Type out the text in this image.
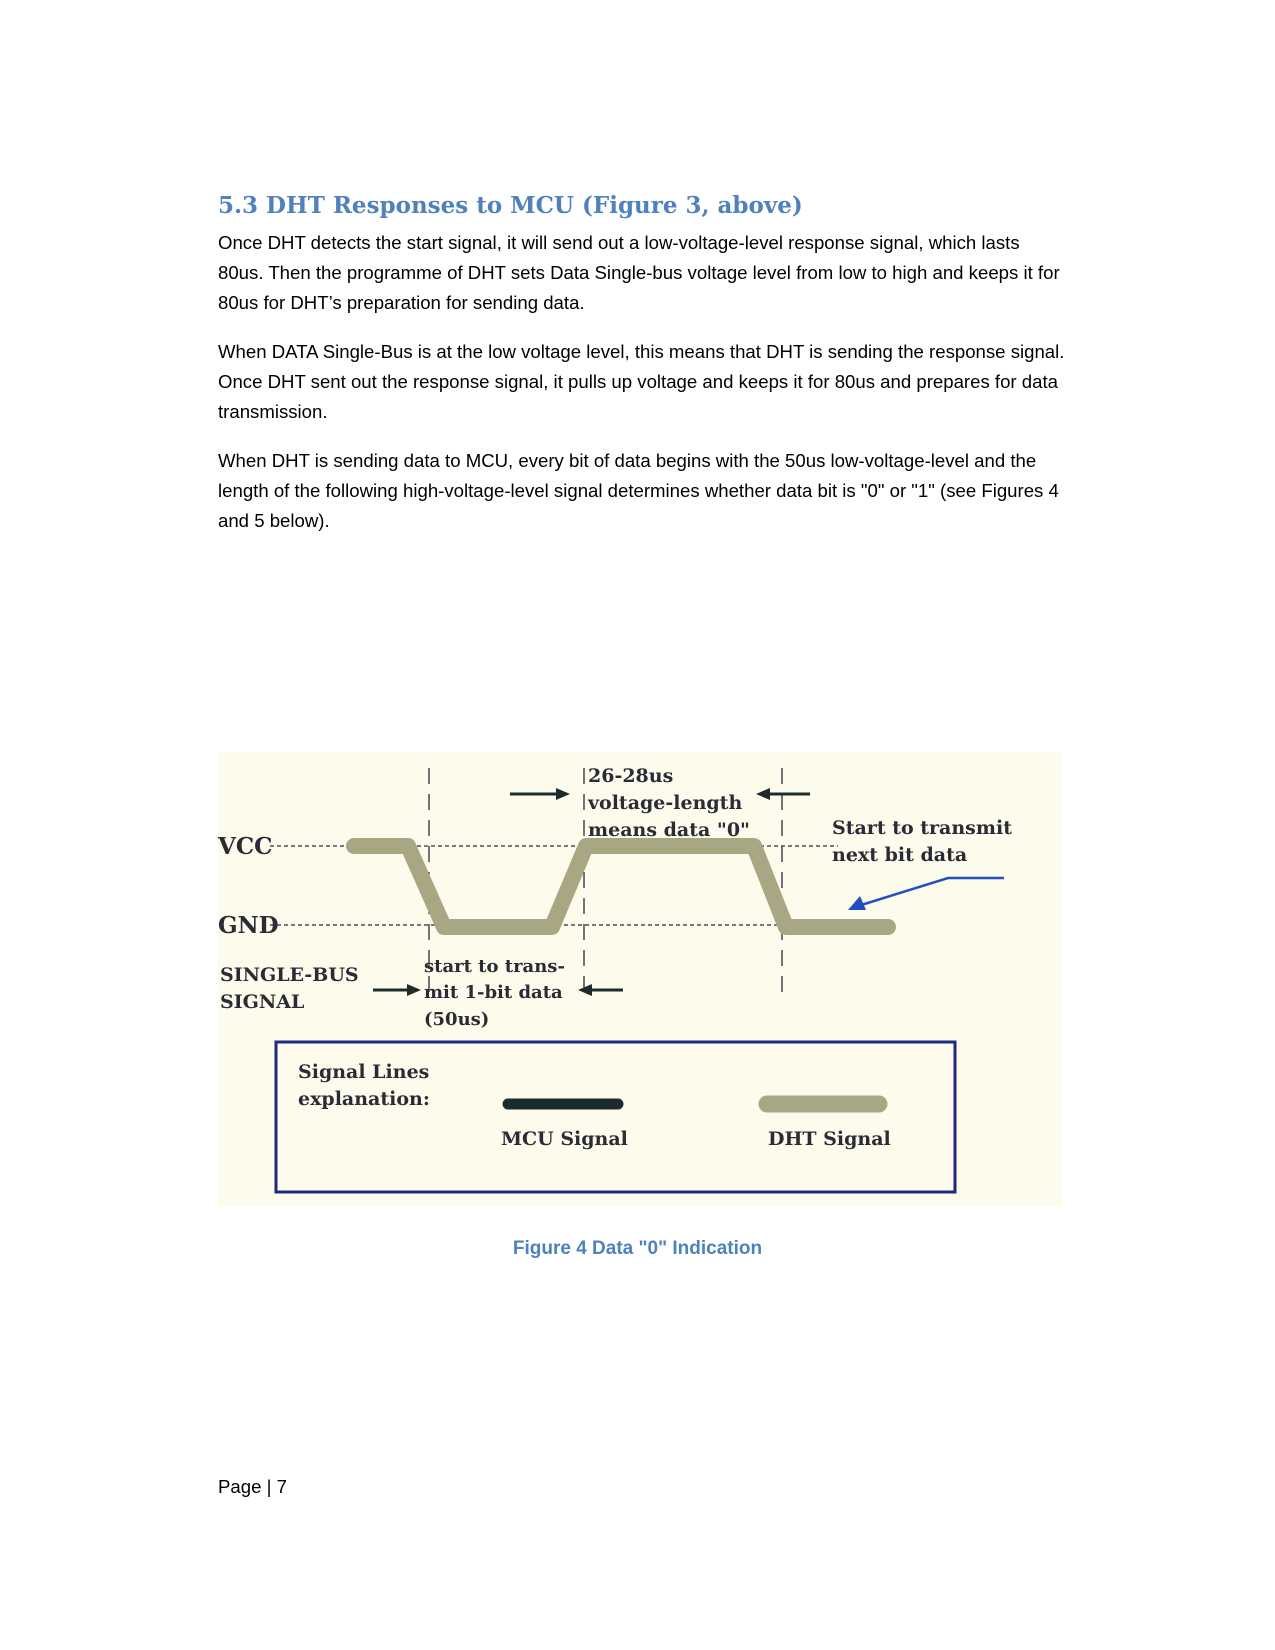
5.3 DHT Responses to MCU (Figure 3, above)

Once DHT detects the start signal, it will send out a low-voltage-level response signal, which lasts 80us. Then the programme of DHT sets Data Single-bus voltage level from low to high and keeps it for 80us for DHT’s preparation for sending data.

When DATA Single-Bus is at the low voltage level, this means that DHT is sending the response signal. Once DHT sent out the response signal, it pulls up voltage and keeps it for 80us and prepares for data transmission.

When DHT is sending data to MCU, every bit of data begins with the 50us low-voltage-level and the length of the following high-voltage-level signal determines whether data bit is "0" or "1" (see Figures 4 and 5 below).

VCC
GND
SINGLE-BUS
SIGNAL
26-28us
voltage-length
means data "0"	Start to transmit
next bit data
start to trans-
mit 1-bit data
(50us)
Signal Lines
explanation:
MCU Signal	DHT Signal

Figure 4 Data "0" Indication

Page | 7
